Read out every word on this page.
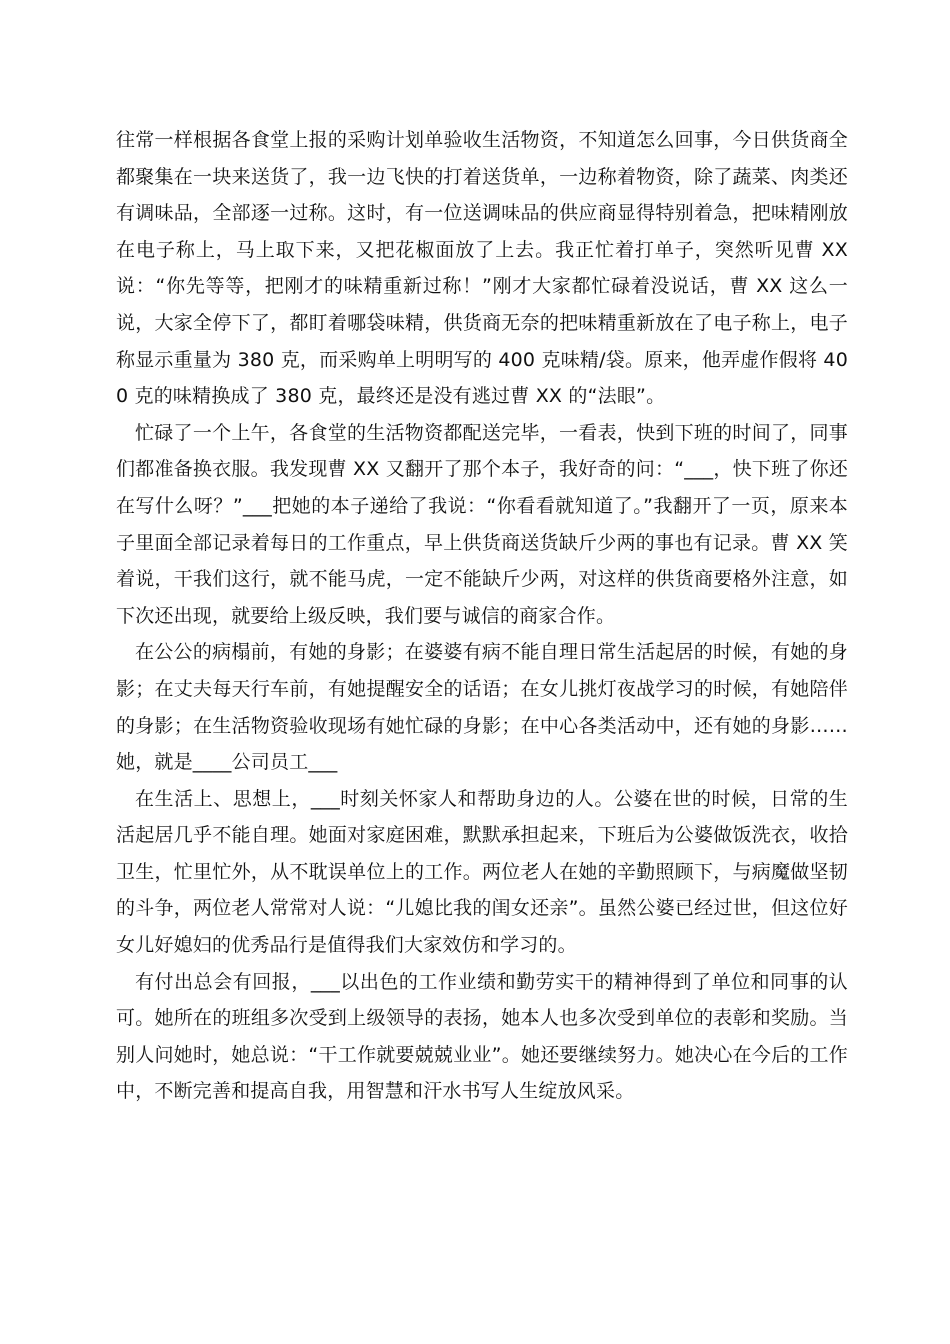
往常一样根据各食堂上报的采购计划单验收生活物资，不知道怎么回事，今日供货商全都聚集在一块来送货了，我一边飞快的打着送货单，一边称着物资，除了蔬菜、肉类还有调味品，全部逐一过称。这时，有一位送调味品的供应商显得特别着急，把味精刚放在电子称上，马上取下来，又把花椒面放了上去。我正忙着打单子，突然听见曹 XX 说：“你先等等，把刚才的味精重新过称！”刚才大家都忙碌着没说话，曹 XX 这么一说，大家全停下了，都盯着哪袋味精，供货商无奈的把味精重新放在了电子称上，电子称显示重量为 380 克，而采购单上明明写的 400 克味精/袋。原来，他弄虚作假将 400 克的味精换成了 380 克，最终还是没有逃过曹 XX 的“法眼”。

忙碌了一个上午，各食堂的生活物资都配送完毕，一看表，快到下班的时间了，同事们都准备换衣服。我发现曹 XX 又翻开了那个本子，我好奇的问：“___，快下班了你还在写什么呀？”___把她的本子递给了我说：“你看看就知道了。”我翻开了一页，原来本子里面全部记录着每日的工作重点，早上供货商送货缺斤少两的事也有记录。曹 XX 笑着说，干我们这行，就不能马虎，一定不能缺斤少两，对这样的供货商要格外注意，如下次还出现，就要给上级反映，我们要与诚信的商家合作。

在公公的病榻前，有她的身影；在婆婆有病不能自理日常生活起居的时候，有她的身影；在丈夫每天行车前，有她提醒安全的话语；在女儿挑灯夜战学习的时候，有她陪伴的身影；在生活物资验收现场有她忙碌的身影；在中心各类活动中，还有她的身影……她，就是____公司员工___

在生活上、思想上，___时刻关怀家人和帮助身边的人。公婆在世的时候，日常的生活起居几乎不能自理。她面对家庭困难，默默承担起来，下班后为公婆做饭洗衣，收拾卫生，忙里忙外，从不耽误单位上的工作。两位老人在她的辛勤照顾下，与病魔做坚韧的斗争，两位老人常常对人说：“儿媳比我的闺女还亲”。虽然公婆已经过世，但这位好女儿好媳妇的优秀品行是值得我们大家效仿和学习的。

有付出总会有回报，___以出色的工作业绩和勤劳实干的精神得到了单位和同事的认可。她所在的班组多次受到上级领导的表扬，她本人也多次受到单位的表彰和奖励。当别人问她时，她总说：“干工作就要兢兢业业”。她还要继续努力。她决心在今后的工作中，不断完善和提高自我，用智慧和汗水书写人生绽放风采。
